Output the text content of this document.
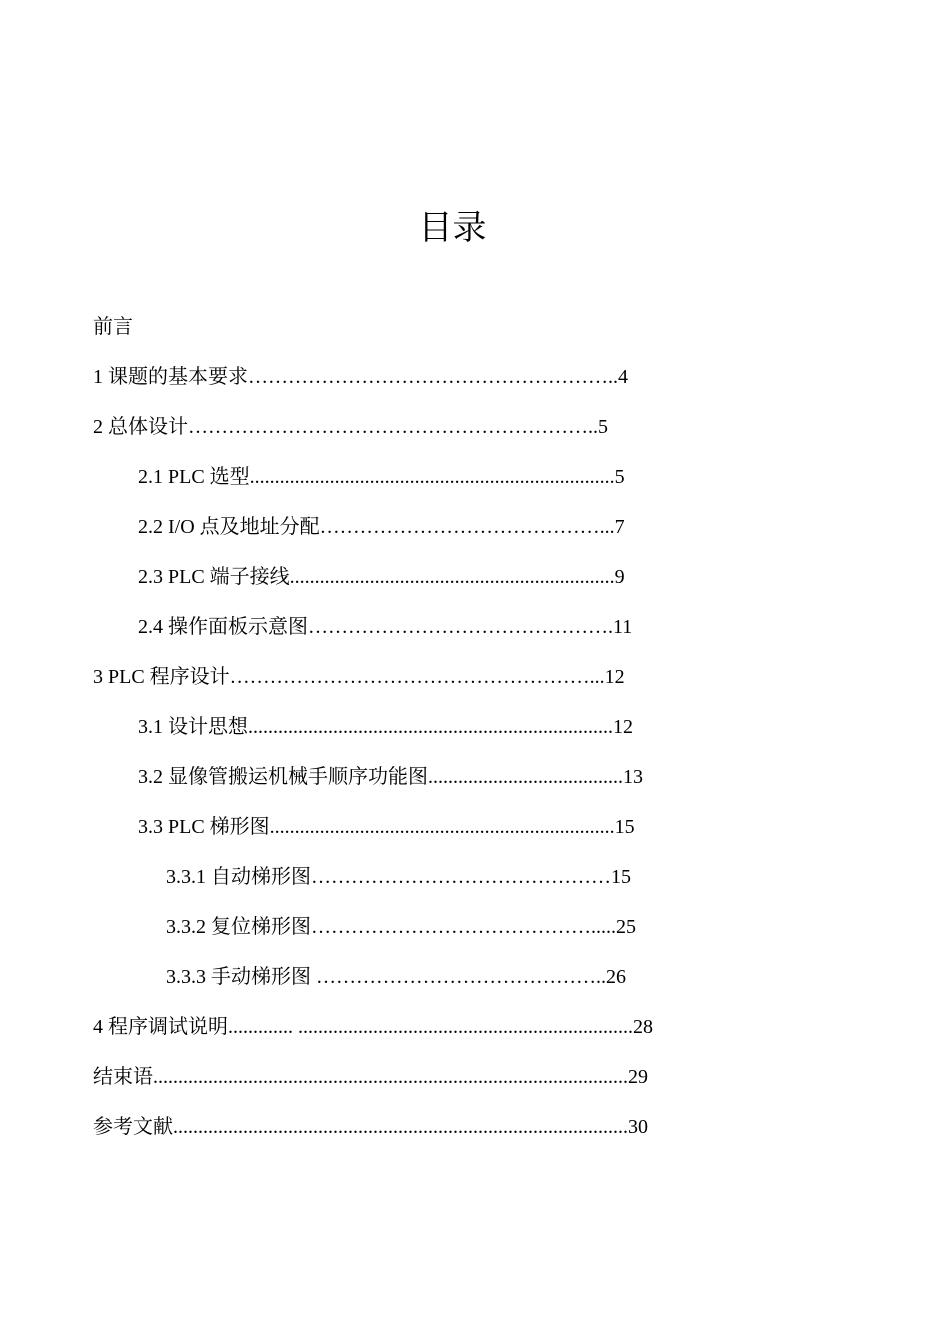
目录

前言

1 课题的基本要求………………………………………………..4

2 总体设计……………………………………………………..5

2.1 PLC 选型.........................................................................5

2.2 I/O 点及地址分配……………………………………...7

2.3 PLC 端子接线.................................................................9

2.4 操作面板示意图……………………………………….11

3 PLC 程序设计………………………………………………...12

3.1 设计思想.........................................................................12

3.2 显像管搬运机械手顺序功能图.......................................13

3.3 PLC 梯形图.....................................................................15

3.3.1 自动梯形图………………………………………15

3.3.2 复位梯形图…………………………………….....25

3.3.3 手动梯形图 ……………………………………..26

4 程序调试说明............. ...................................................................28

结束语...............................................................................................29

参考文献...........................................................................................30
